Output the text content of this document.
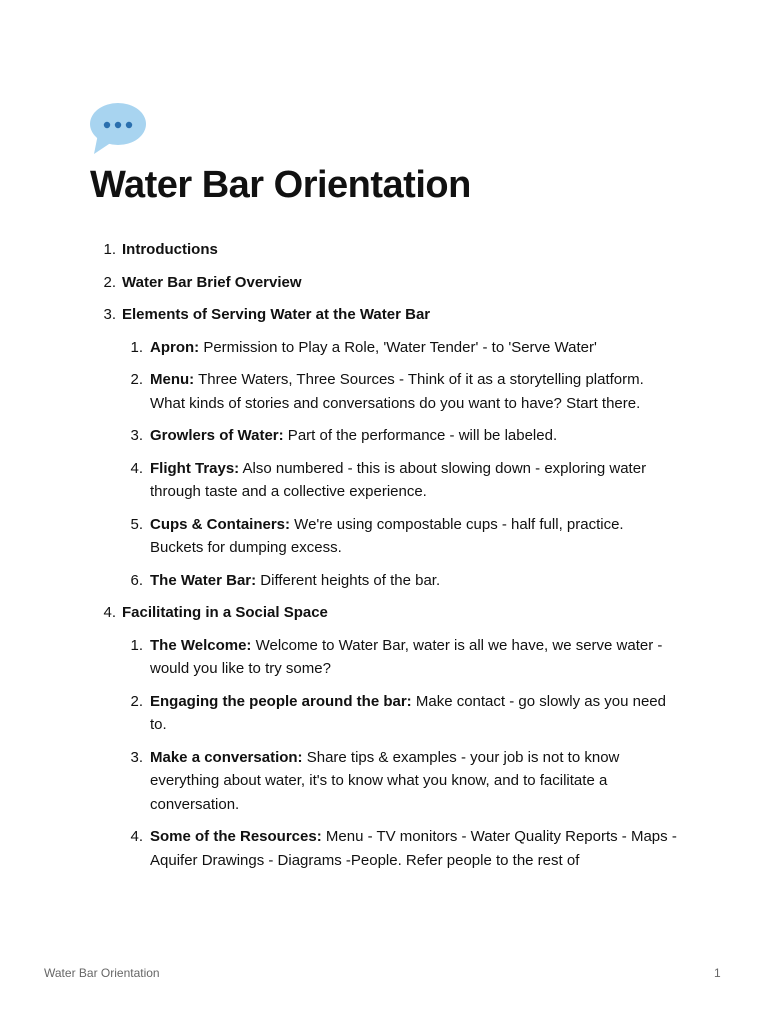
Water Bar Orientation
1. Introductions
2. Water Bar Brief Overview
3. Elements of Serving Water at the Water Bar
1. Apron: Permission to Play a Role, 'Water Tender' - to 'Serve Water'
2. Menu: Three Waters, Three Sources - Think of it as a storytelling platform. What kinds of stories and conversations do you want to have? Start there.
3. Growlers of Water: Part of the performance - will be labeled.
4. Flight Trays: Also numbered - this is about slowing down - exploring water through taste and a collective experience.
5. Cups & Containers: We're using compostable cups - half full, practice. Buckets for dumping excess.
6. The Water Bar: Different heights of the bar.
4. Facilitating in a Social Space
1. The Welcome: Welcome to Water Bar, water is all we have, we serve water - would you like to try some?
2. Engaging the people around the bar: Make contact - go slowly as you need to.
3. Make a conversation: Share tips & examples - your job is not to know everything about water, it's to know what you know, and to facilitate a conversation.
4. Some of the Resources: Menu - TV monitors - Water Quality Reports - Maps - Aquifer Drawings - Diagrams -People. Refer people to the rest of
Water Bar Orientation	1
